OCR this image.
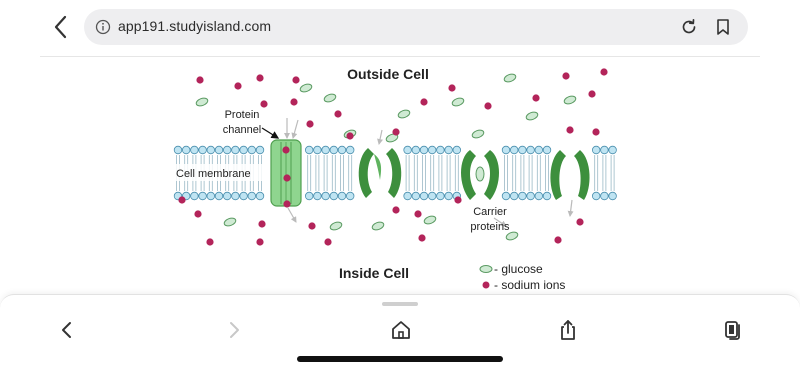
app191.studyisland.com
Outside Cell
Protein
channel
Cell membrane
Carrier
proteins
Inside Cell	- glucose
- sodium ions
